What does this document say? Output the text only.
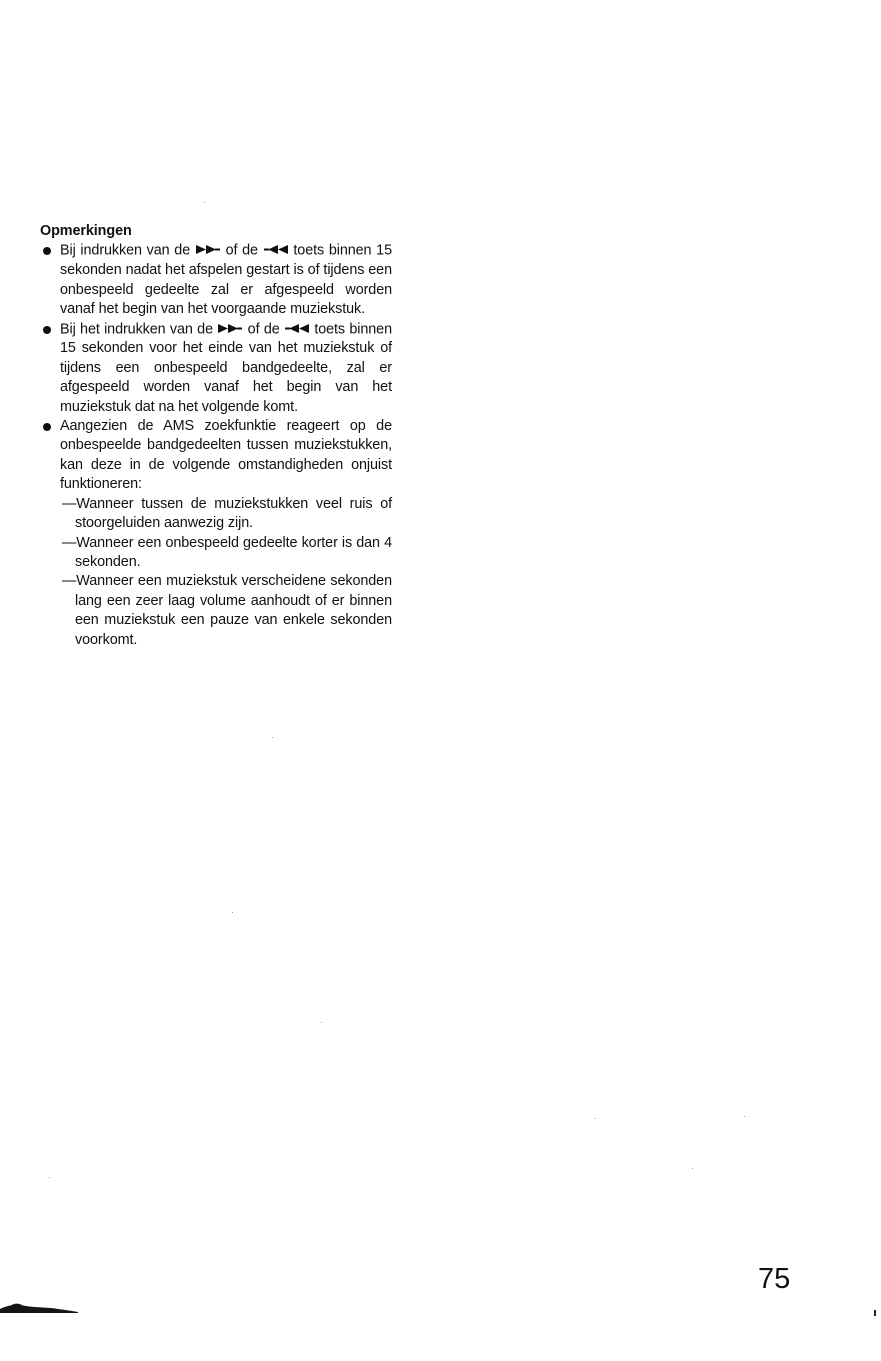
Opmerkingen

Bij indrukken van de of de toets binnen 15 sekonden nadat het afspelen gestart is of tijdens een onbespeeld gedeelte zal er afgespeeld worden vanaf het begin van het voorgaande muziekstuk.

Bij het indrukken van de of de toets binnen 15 sekonden voor het einde van het muziekstuk of tijdens een onbespeeld bandgedeelte, zal er afgespeeld worden vanaf het begin van het muziekstuk dat na het volgende komt.

Aangezien de AMS zoekfunktie reageert op de onbespeelde bandgedeelten tussen muziekstukken, kan deze in de volgende omstandigheden onjuist funktioneren:

—Wanneer tussen de muziekstukken veel ruis of stoorgeluiden aanwezig zijn.

—Wanneer een onbespeeld gedeelte korter is dan 4 sekonden.

—Wanneer een muziekstuk verscheidene sekonden lang een zeer laag volume aanhoudt of er binnen een muziekstuk een pauze van enkele sekonden voorkomt.

75
